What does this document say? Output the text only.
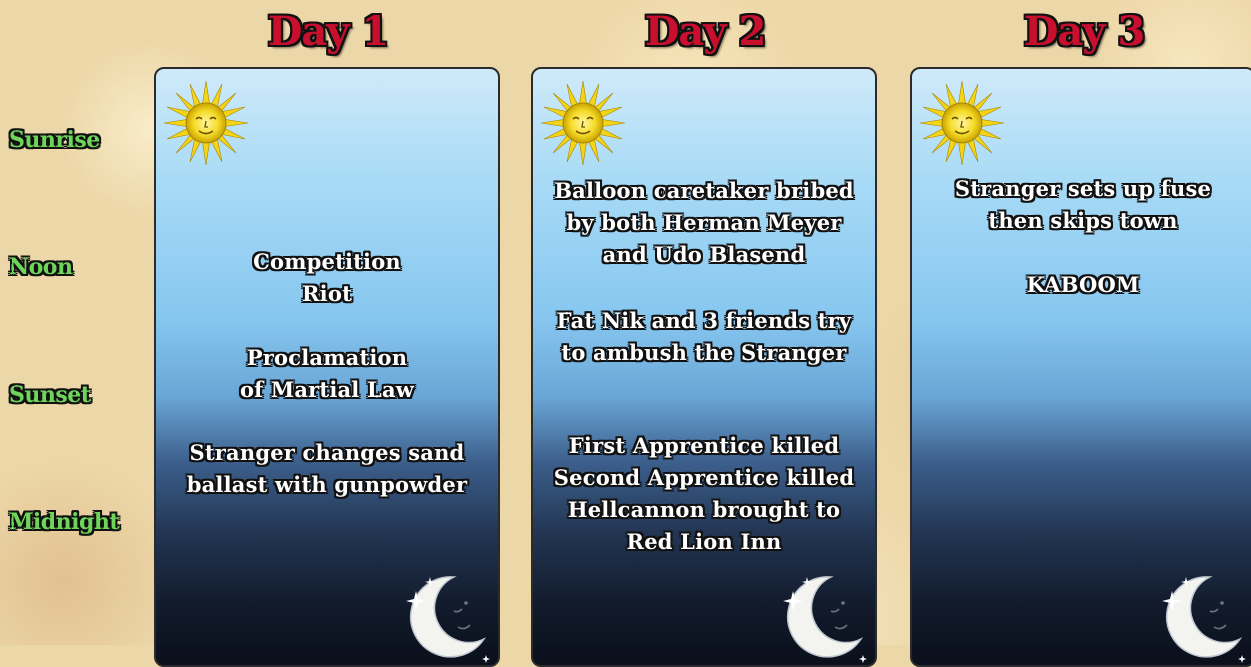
Day 1	Day 2	Day 3
Sunrise
Noon
Sunset
Midnight
Competition
Riot
Proclamation
of Martial Law
Stranger changes sand
ballast with gunpowder
Balloon caretaker bribed
by both Herman Meyer
and Udo Blasend
Fat Nik and 3 friends try
to ambush the Stranger
First Apprentice killed
Second Apprentice killed
Hellcannon brought to
Red Lion Inn
Stranger sets up fuse
then skips town
KABOOM
